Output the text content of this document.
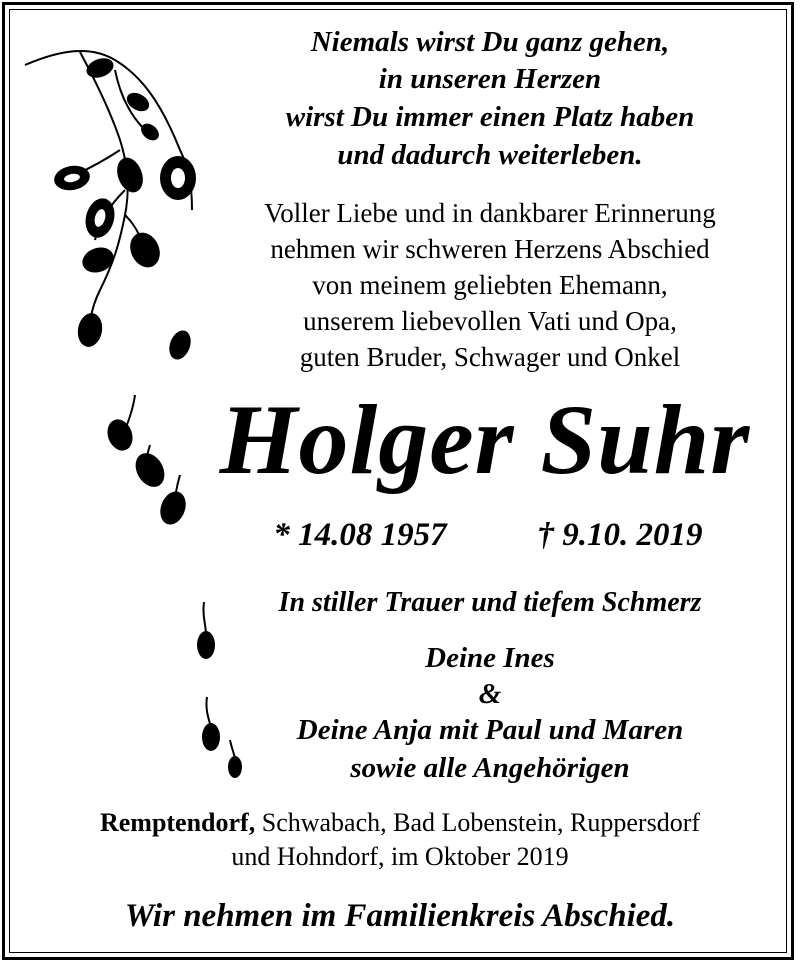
Niemals wirst Du ganz gehen,
in unseren Herzen
wirst Du immer einen Platz haben
und dadurch weiterleben.
Voller Liebe und in dankbarer Erinnerung
nehmen wir schweren Herzens Abschied
von meinem geliebten Ehemann,
unserem liebevollen Vati und Opa,
guten Bruder, Schwager und Onkel
Holger Suhr
* 14.08 1957	† 9.10. 2019
In stiller Trauer und tiefem Schmerz
Deine Ines
&
Deine Anja mit Paul und Maren
sowie alle Angehörigen
Remptendorf, Schwabach, Bad Lobenstein, Ruppersdorf
und Hohndorf, im Oktober 2019
Wir nehmen im Familienkreis Abschied.
